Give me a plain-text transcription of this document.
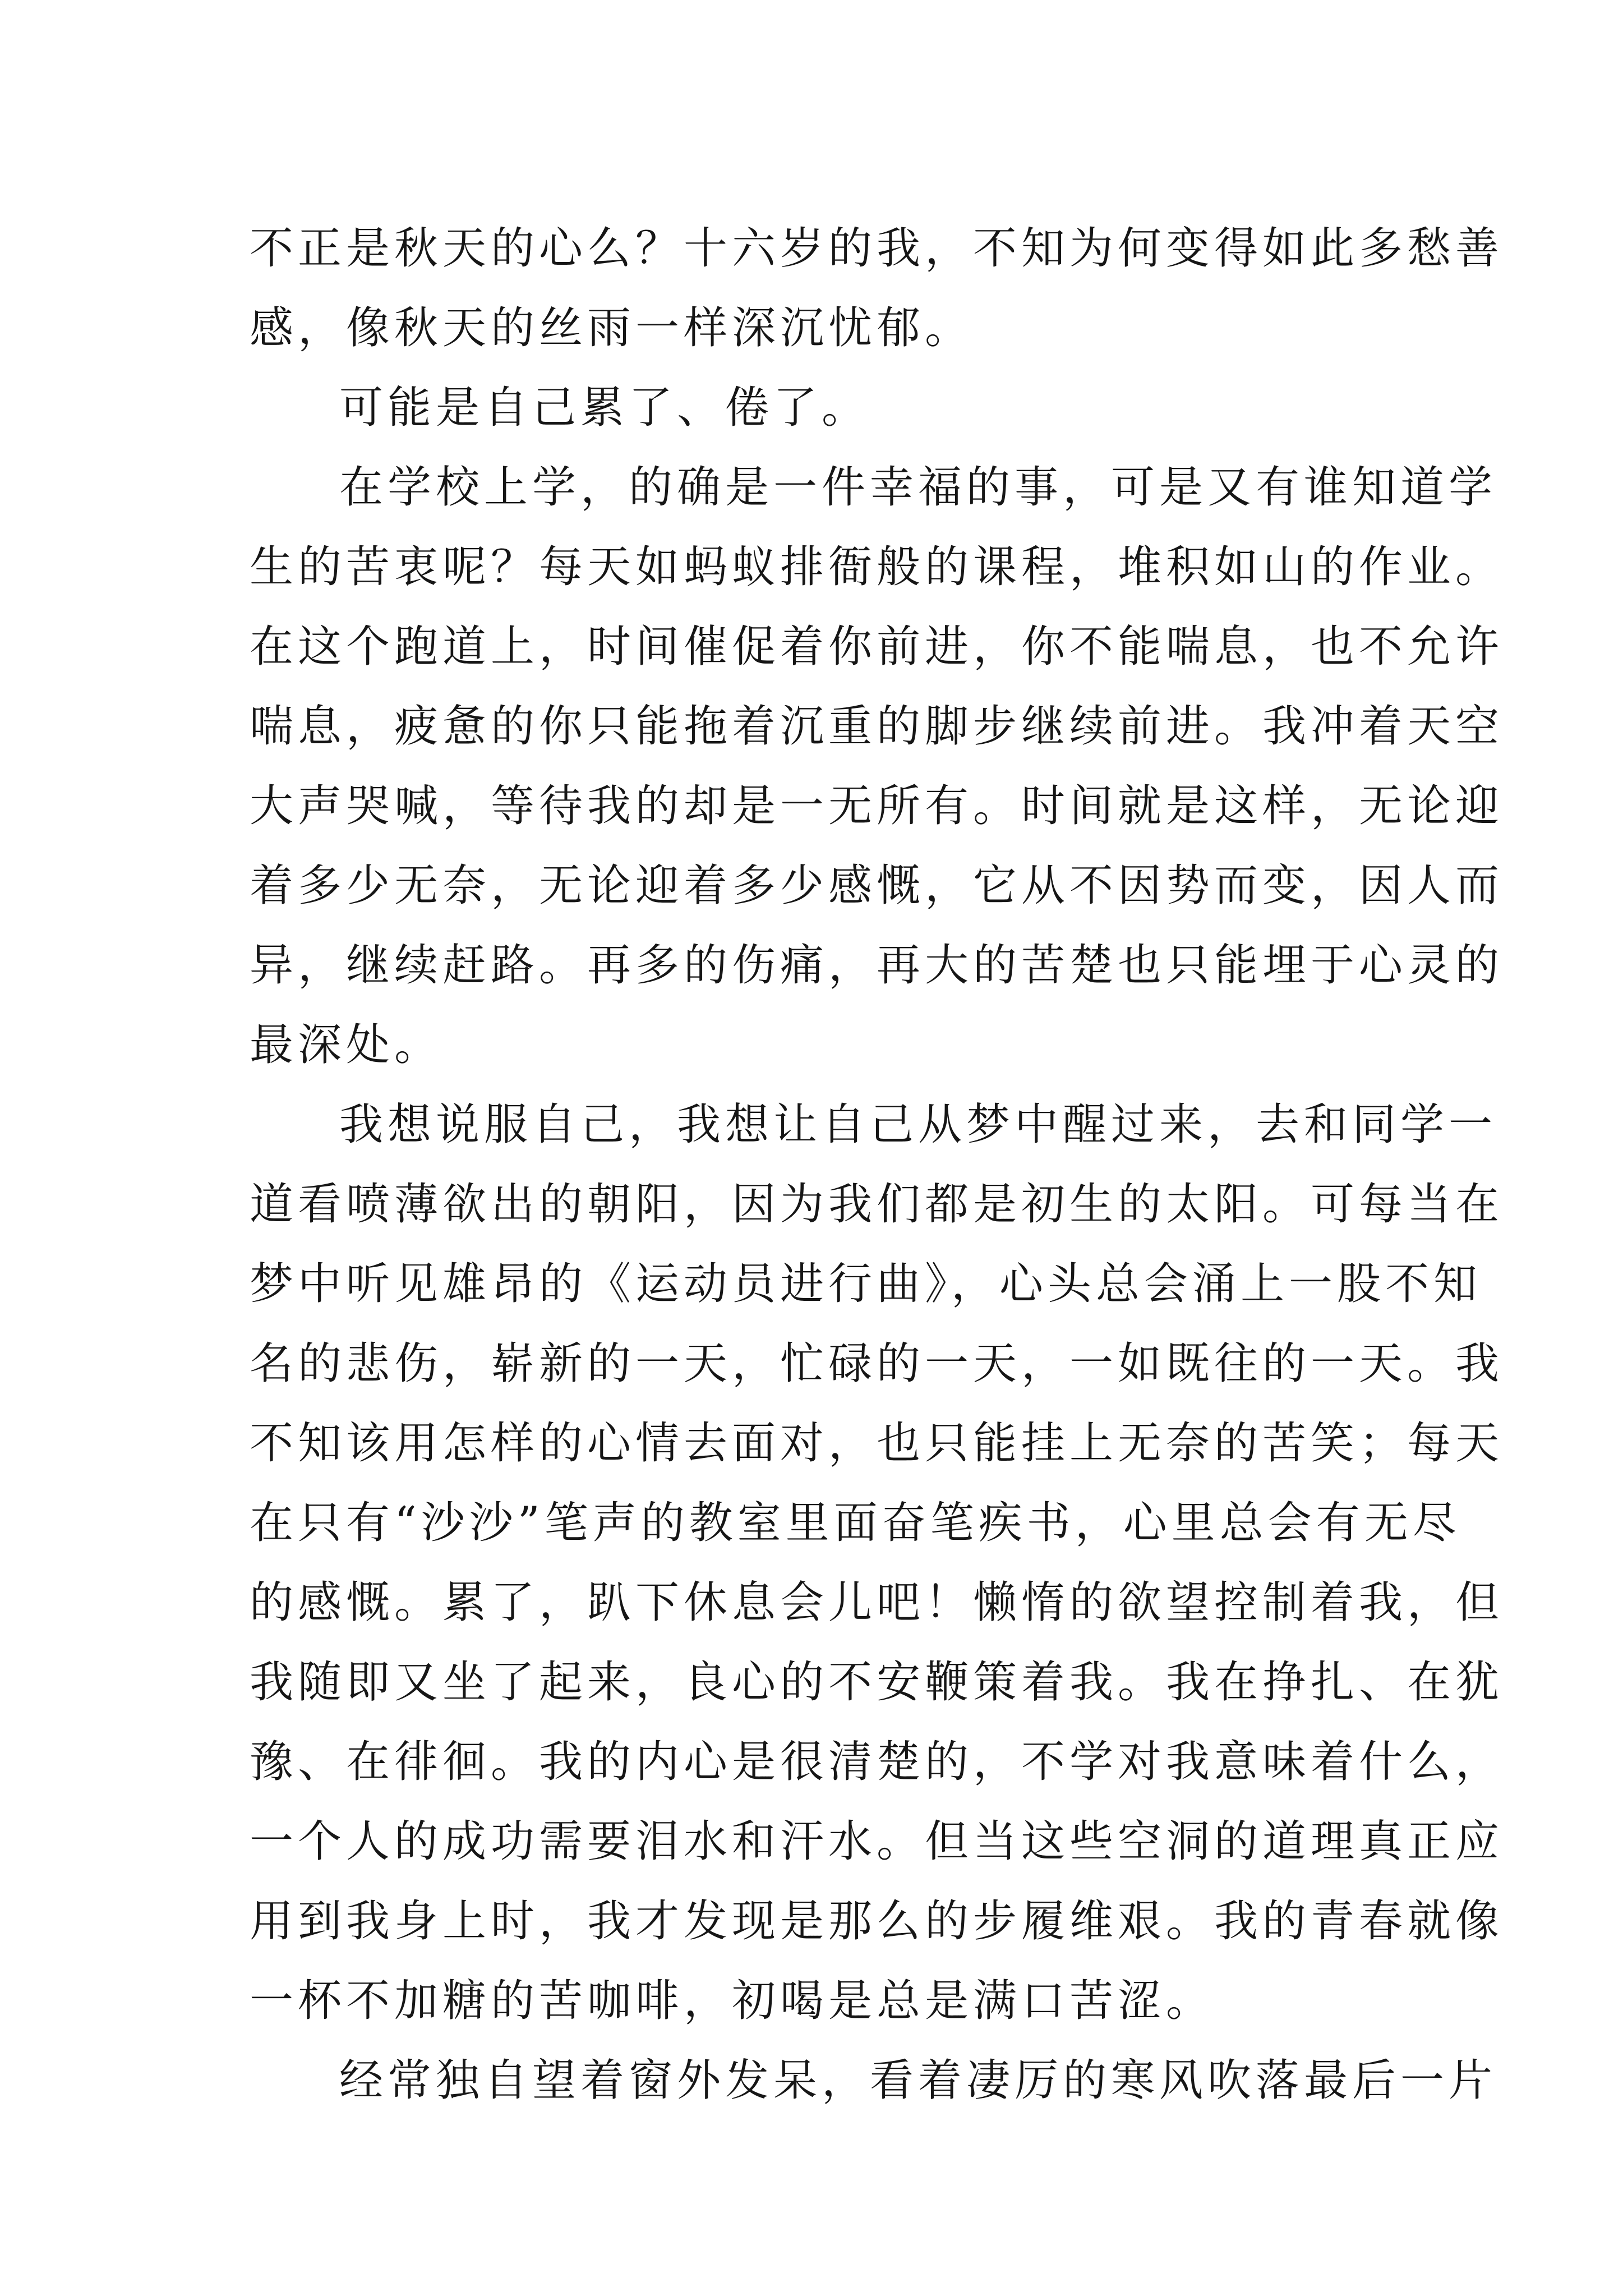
不正是秋天的心么？十六岁的我，不知为何变得如此多愁善
感，像秋天的丝雨一样深沉忧郁。
可能是自己累了、倦了。
在学校上学，的确是一件幸福的事，可是又有谁知道学
生的苦衷呢？每天如蚂蚁排衙般的课程，堆积如山的作业。
在这个跑道上，时间催促着你前进，你不能喘息，也不允许
喘息，疲惫的你只能拖着沉重的脚步继续前进。我冲着天空
大声哭喊，等待我的却是一无所有。时间就是这样，无论迎
着多少无奈，无论迎着多少感慨，它从不因势而变，因人而
异，继续赶路。再多的伤痛，再大的苦楚也只能埋于心灵的
最深处。
我想说服自己，我想让自己从梦中醒过来，去和同学一
道看喷薄欲出的朝阳，因为我们都是初生的太阳。可每当在
梦中听见雄昂的《运动员进行曲》，心头总会涌上一股不知
名的悲伤，崭新的一天，忙碌的一天，一如既往的一天。我
不知该用怎样的心情去面对，也只能挂上无奈的苦笑；每天
在只有“沙沙”笔声的教室里面奋笔疾书，心里总会有无尽
的感慨。累了，趴下休息会儿吧！懒惰的欲望控制着我，但
我随即又坐了起来，良心的不安鞭策着我。我在挣扎、在犹
豫、在徘徊。我的内心是很清楚的，不学对我意味着什么，
一个人的成功需要泪水和汗水。但当这些空洞的道理真正应
用到我身上时，我才发现是那么的步履维艰。我的青春就像
一杯不加糖的苦咖啡，初喝是总是满口苦涩。
经常独自望着窗外发呆，看着凄厉的寒风吹落最后一片
